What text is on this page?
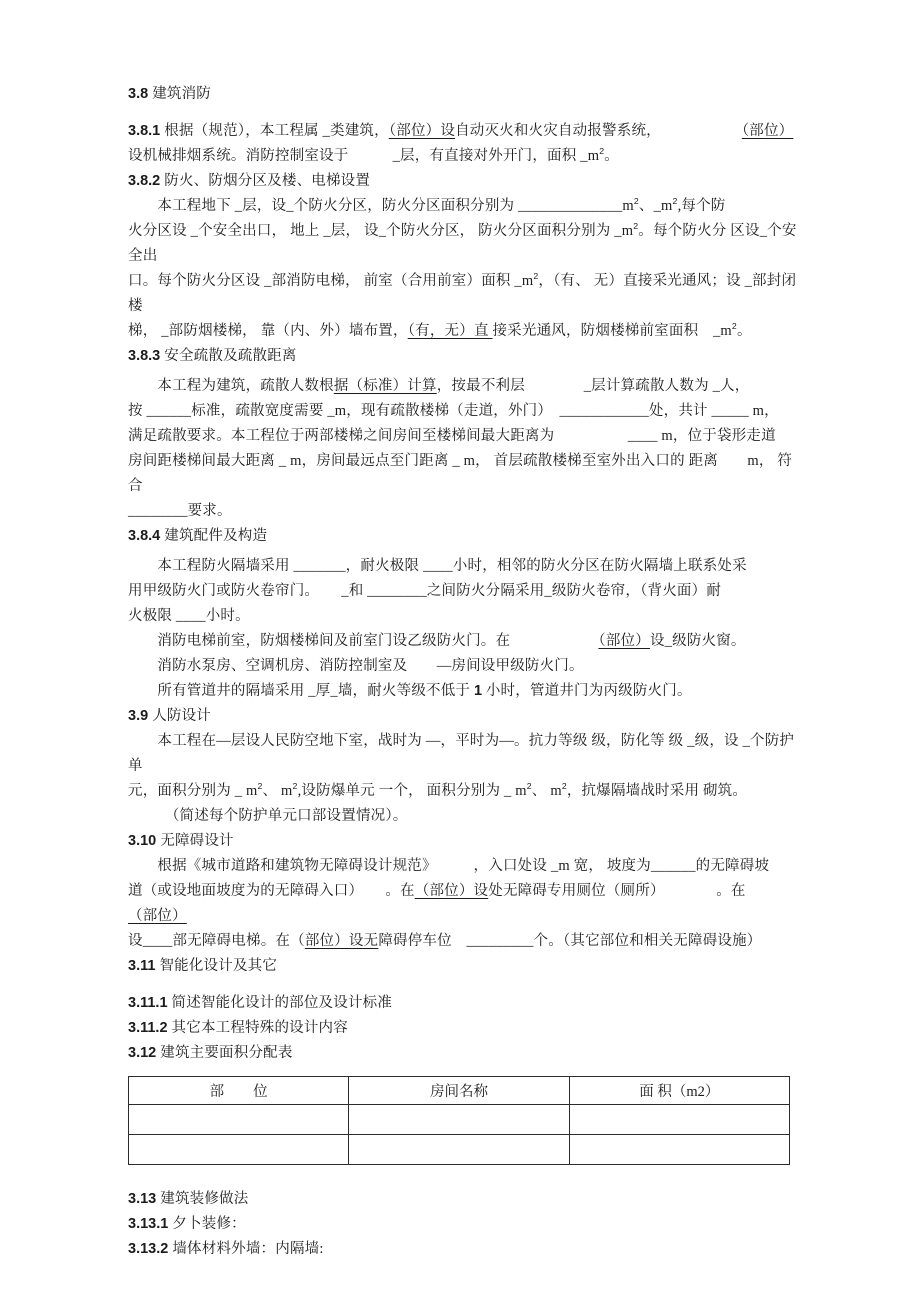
3.8 建筑消防
3.8.1 根据（规范），本工程属 _类建筑，（部位）设自动灭火和火灾自动报警系统，　　　　　　（部位）
设机械排烟系统。消防控制室设于　　　_层，有直接对外开门，面积 $\_m^2$。
3.8.2 防火、防烟分区及楼、电梯设置
　　本工程地下 _层，设_个防火分区，防火分区面积分别为 $\_\_\_\_\_\_\_\_\_\_\_\_\_\_m^2$、$\_m^2$,每个防
火分区设 _个安全出口， 地上 _层， 设_个防火分区， 防火分区面积分别为 $\_m^2$。每个防火分 区设_个安全出
口。每个防火分区设 _部消防电梯， 前室（合用前室）面积 $\_m^2$，（有、 无）直接采光通风；设 _部封闭楼
梯， _部防烟楼梯， 靠（内、外）墙布置，（有，无）直 接采光通风，防烟楼梯前室面积　$\_m^2$。
3.8.3 安全疏散及疏散距离
　　本工程为建筑，疏散人数根据（标准）计算，按最不利层　　　　_层计算疏散人数为 _人，
按 ______标准，疏散宽度需要 _m，现有疏散楼梯（走道，外门）　____________处，共计 _____ m，
满足疏散要求。本工程位于两部楼梯之间房间至楼梯间最大距离为　　　　　____ m，位于袋形走道
房间距楼梯间最大距离 _ m，房间最远点至门距离 _ m， 首层疏散楼梯至室外出入口的 距离　　m， 符合
________要求。
3.8.4 建筑配件及构造
　　本工程防火隔墙采用 _______，耐火极限 ____小时，相邻的防火分区在防火隔墙上联系处采
用甲级防火门或防火卷帘门。　　_和 ________之间防火分隔采用_级防火卷帘，（背火面）耐
火极限 ____小时。
　　消防电梯前室，防烟楼梯间及前室门设乙级防火门。在　　　　　　（部位）设_级防火窗。
　　消防水泵房、空调机房、消防控制室及　　—房间设甲级防火门。
　　所有管道井的隔墙采用 _厚_墙，耐火等级不低于 1 小时，管道井门为丙级防火门。
3.9 人防设计
　　本工程在—层设人民防空地下室，战时为 —，平时为—。抗力等级 级，防化等 级 _级，设 _个防护单
元，面积分别为 _ $m^2$、 $m^2$,设防爆单元 一个， 面积分别为 _ $m^2$、 $m^2$，抗爆隔墙战时采用 砌筑。
　　　（简述每个防护单元口部设置情况）。
3.10 无障碍设计
　　根据《城市道路和建筑物无障碍设计规范》　　　，入口处设 _m 宽， 坡度为______的无障碍坡
道（或设地面坡度为的无障碍入口）　　。在（部位）设处无障碍专用厕位（厕所）　　　　。在（部位）
设____部无障碍电梯。在（部位）设无障碍停车位　_________个。（其它部位和相关无障碍设施）
3.11 智能化设计及其它
3.11.1 简述智能化设计的部位及设计标准
3.11.2 其它本工程特殊的设计内容
3.12 建筑主要面积分配表
部　　位	房间名称	面 积（m2）

3.13 建筑装修做法
3.13.1 夕卜装修：
3.13.2 墙体材料外墙：内隔墙:
